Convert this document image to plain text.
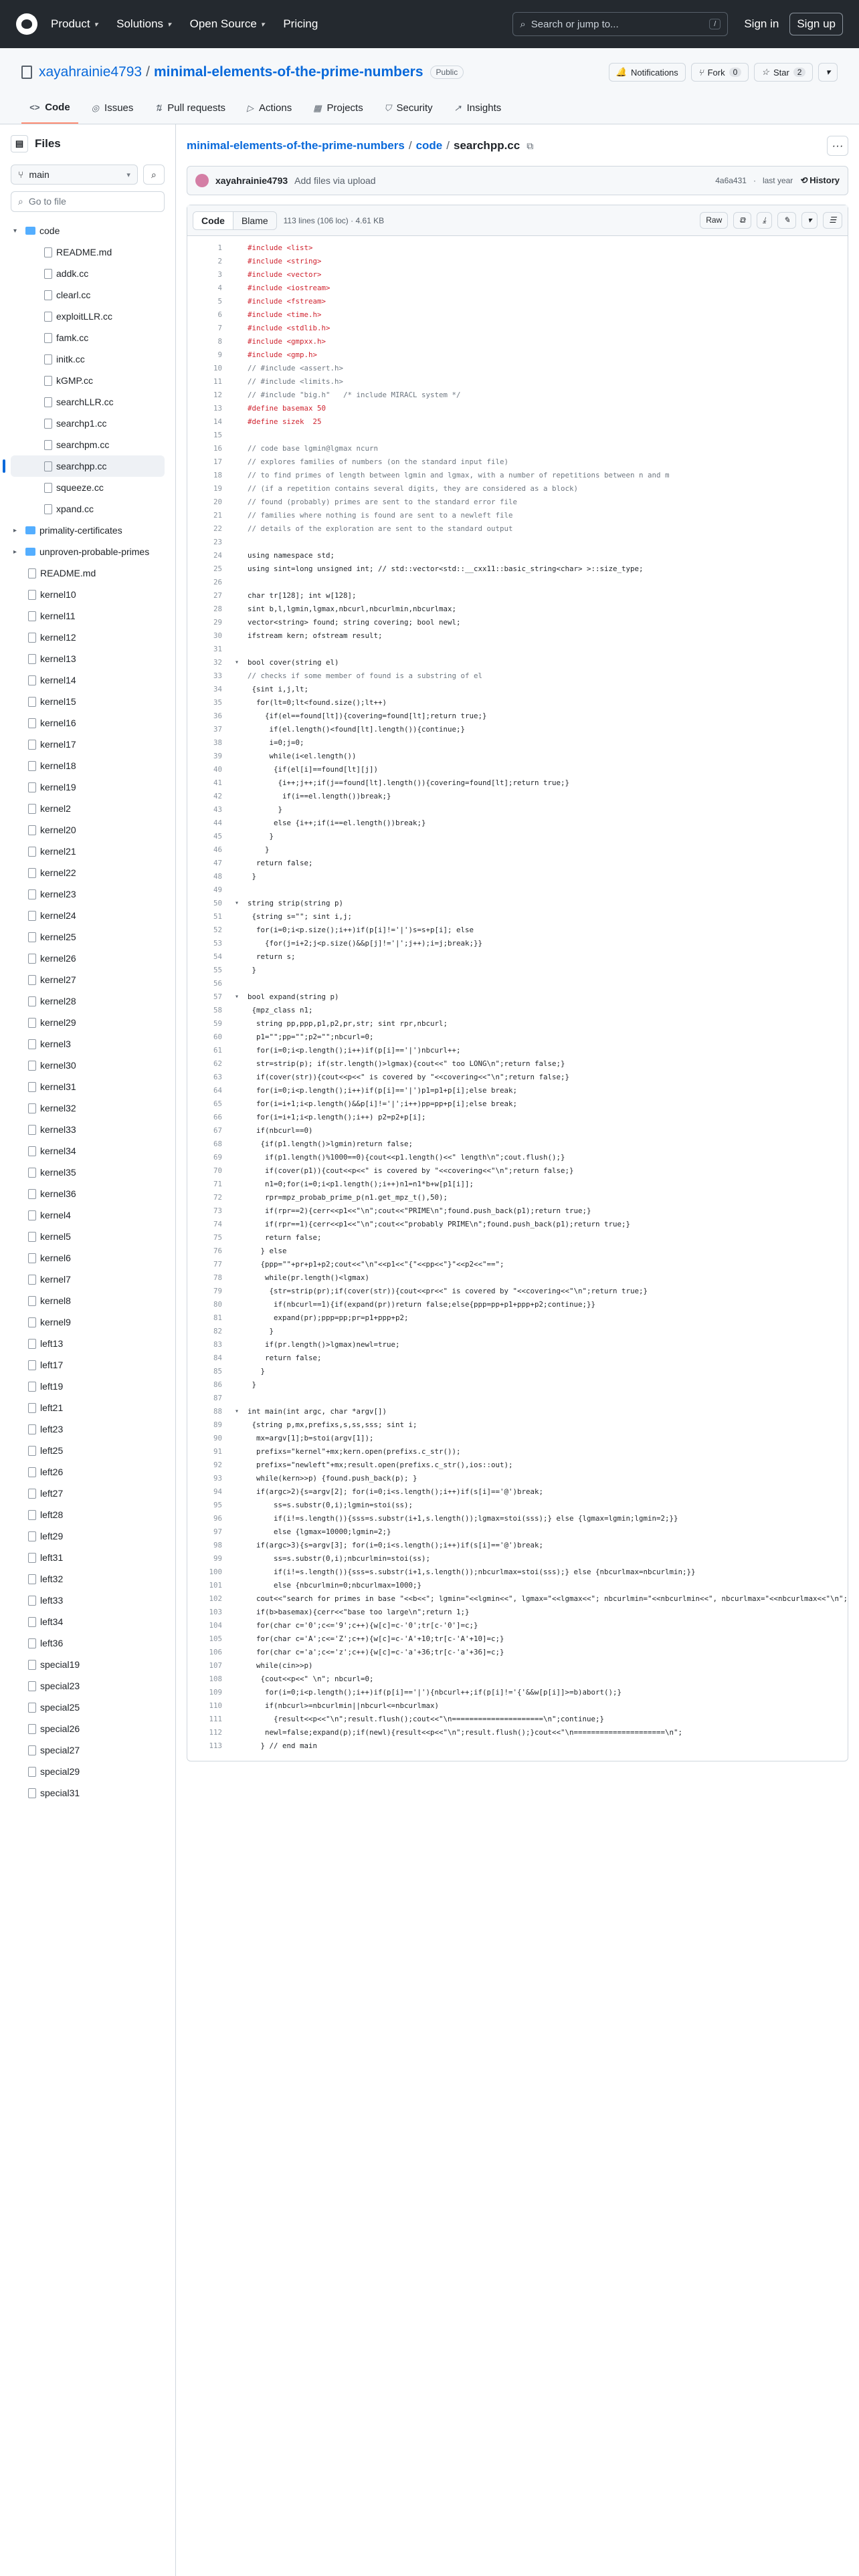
Product ▾ Solutions ▾ Open Source ▾ Pricing	⌕ Search or jump to...	/	Sign in	Sign up
xayahrainie4793 / minimal-elements-of-the-prime-numbers	Public	🔔 Notifications ⑂ Fork	0	☆ Star	2	▾
<> Code ◎ Issues ⇅ Pull requests ▷ Actions ▦ Projects ⛉ Security ↗ Insights
▤ Files
⑂ main	▾ ⌕
⌕ Go to file
▾	code
README.md
addk.cc
clearl.cc
exploitLLR.cc
famk.cc
initk.cc
kGMP.cc
searchLLR.cc
searchp1.cc
searchpm.cc
searchpp.cc
squeeze.cc
xpand.cc
▸	primality-certificates
▸	unproven-probable-primes
README.md
kernel10
kernel11
kernel12
kernel13
kernel14
kernel15
kernel16
kernel17
kernel18
kernel19
kernel2
kernel20
kernel21
kernel22
kernel23
kernel24
kernel25
kernel26
kernel27
kernel28
kernel29
kernel3
kernel30
kernel31
kernel32
kernel33
kernel34
kernel35
kernel36
kernel4
kernel5
kernel6
kernel7
kernel8
kernel9
left13
left17
left19
left21
left23
left25
left26
left27
left28
left29
left31
left32
left33
left34
left36
special19
special23
special25
special26
special27
special29
special31
minimal-elements-of-the-prime-numbers / code / searchpp.cc ⧉	···
xayahrainie4793 Add files via upload	4a6a431 · last year ⟲ History
Code	Blame	113 lines (106 loc) · 4.61 KB	Raw	⧉	⤓	✎	▾	☰
1	#include <list>
2	#include <string>
3	#include <vector>
4	#include <iostream>
5	#include <fstream>
6	#include <time.h>
7	#include <stdlib.h>
8	#include <gmpxx.h>
9	#include <gmp.h>
10	// #include <assert.h>
11	// #include <limits.h>
12	// #include "big.h"   /* include MIRACL system */
13	#define basemax 50
14	#define sizek  25
15
16	// code base lgmin@lgmax ncurn
17	// explores families of numbers (on the standard input file)
18	// to find primes of length between lgmin and lgmax, with a number of repetitions between n and m
19	// (if a repetition contains several digits, they are considered as a block)
20	// found (probably) primes are sent to the standard error file
21	// families where nothing is found are sent to a newleft file
22	// details of the exploration are sent to the standard output
23
24	using namespace std;
25	using sint=long unsigned int; // std::vector<std::__cxx11::basic_string<char> >::size_type;
26
27	char tr[128]; int w[128];
28	sint b,l,lgmin,lgmax,nbcurl,nbcurlmin,nbcurlmax;
29	vector<string> found; string covering; bool newl;
30	ifstream kern; ofstream result;
31
32	▾	bool cover(string el)
33	// checks if some member of found is a substring of el
34	{sint i,j,lt;
35	for(lt=0;lt<found.size();lt++)
36	{if(el==found[lt]){covering=found[lt];return true;}
37	if(el.length()<found[lt].length()){continue;}
38	i=0;j=0;
39	while(i<el.length())
40	{if(el[i]==found[lt][j])
41	{i++;j++;if(j==found[lt].length()){covering=found[lt];return true;}
42	if(i==el.length())break;}
43	}
44	else {i++;if(i==el.length())break;}
45	}
46	}
47	return false;
48	}
49
50	▾	string strip(string p)
51	{string s=""; sint i,j;
52	for(i=0;i<p.size();i++)if(p[i]!='|')s=s+p[i]; else
53	{for(j=i+2;j<p.size()&&p[j]!='|';j++);i=j;break;}}
54	return s;
55	}
56
57	▾	bool expand(string p)
58	{mpz_class n1;
59	string pp,ppp,p1,p2,pr,str; sint rpr,nbcurl;
60	p1="";pp="";p2="";nbcurl=0;
61	for(i=0;i<p.length();i++)if(p[i]=='|')nbcurl++;
62	str=strip(p); if(str.length()>lgmax){cout<<" too LONG\n";return false;}
63	if(cover(str)){cout<<p<<" is covered by "<<covering<<"\n";return false;}
64	for(i=0;i<p.length();i++)if(p[i]=='|')p1=p1+p[i];else break;
65	for(i=i+1;i<p.length()&&p[i]!='|';i++)pp=pp+p[i];else break;
66	for(i=i+1;i<p.length();i++) p2=p2+p[i];
67	if(nbcurl==0)
68	{if(p1.length()>lgmin)return false;
69	if(p1.length()%1000==0){cout<<p1.length()<<" length\n";cout.flush();}
70	if(cover(p1)){cout<<p<<" is covered by "<<covering<<"\n";return false;}
71	n1=0;for(i=0;i<p1.length();i++)n1=n1*b+w[p1[i]];
72	rpr=mpz_probab_prime_p(n1.get_mpz_t(),50);
73	if(rpr==2){cerr<<p1<<"\n";cout<<"PRIME\n";found.push_back(p1);return true;}
74	if(rpr==1){cerr<<p1<<"\n";cout<<"probably PRIME\n";found.push_back(p1);return true;}
75	return false;
76	} else
77	{ppp=""+pr+p1+p2;cout<<"\n"<<p1<<"{"<<pp<<"}"<<p2<<"==";
78	while(pr.length()<lgmax)
79	{str=strip(pr);if(cover(str)){cout<<pr<<" is covered by "<<covering<<"\n";return true;}
80	if(nbcurl==1){if(expand(pr))return false;else{ppp=pp+p1+ppp+p2;continue;}}
81	expand(pr);ppp=pp;pr=p1+ppp+p2;
82	}
83	if(pr.length()>lgmax)newl=true;
84	return false;
85	}
86	}
87
88	▾	int main(int argc, char *argv[])
89	{string p,mx,prefixs,s,ss,sss; sint i;
90	mx=argv[1];b=stoi(argv[1]);
91	prefixs="kernel"+mx;kern.open(prefixs.c_str());
92	prefixs="newleft"+mx;result.open(prefixs.c_str(),ios::out);
93	while(kern>>p) {found.push_back(p); }
94	if(argc>2){s=argv[2]; for(i=0;i<s.length();i++)if(s[i]=='@')break;
95	ss=s.substr(0,i);lgmin=stoi(ss);
96	if(i!=s.length()){sss=s.substr(i+1,s.length());lgmax=stoi(sss);} else {lgmax=lgmin;lgmin=2;}}
97	else {lgmax=10000;lgmin=2;}
98	if(argc>3){s=argv[3]; for(i=0;i<s.length();i++)if(s[i]=='@')break;
99	ss=s.substr(0,i);nbcurlmin=stoi(ss);
100	if(i!=s.length()){sss=s.substr(i+1,s.length());nbcurlmax=stoi(sss);} else {nbcurlmax=nbcurlmin;}}
101	else {nbcurlmin=0;nbcurlmax=1000;}
102	cout<<"search for primes in base "<<b<<"; lgmin="<<lgmin<<", lgmax="<<lgmax<<"; nbcurlmin="<<nbcurlmin<<", nbcurlmax="<<nbcurlmax<<"\n";
103	if(b>basemax){cerr<<"base too large\n";return 1;}
104	for(char c='0';c<='9';c++){w[c]=c-'0';tr[c-'0']=c;}
105	for(char c='A';c<='Z';c++){w[c]=c-'A'+10;tr[c-'A'+10]=c;}
106	for(char c='a';c<='z';c++){w[c]=c-'a'+36;tr[c-'a'+36]=c;}
107	while(cin>>p)
108	{cout<<p<<" \n"; nbcurl=0;
109	for(i=0;i<p.length();i++)if(p[i]=='|'){nbcurl++;if(p[i]!='{'&&w[p[i]]>=b)abort();}
110	if(nbcurl>=nbcurlmin||nbcurl<=nbcurlmax)
111	{result<<p<<"\n";result.flush();cout<<"\n=====================\n";continue;}
112	newl=false;expand(p);if(newl){result<<p<<"\n";result.flush();}cout<<"\n=====================\n";
113	} // end main
